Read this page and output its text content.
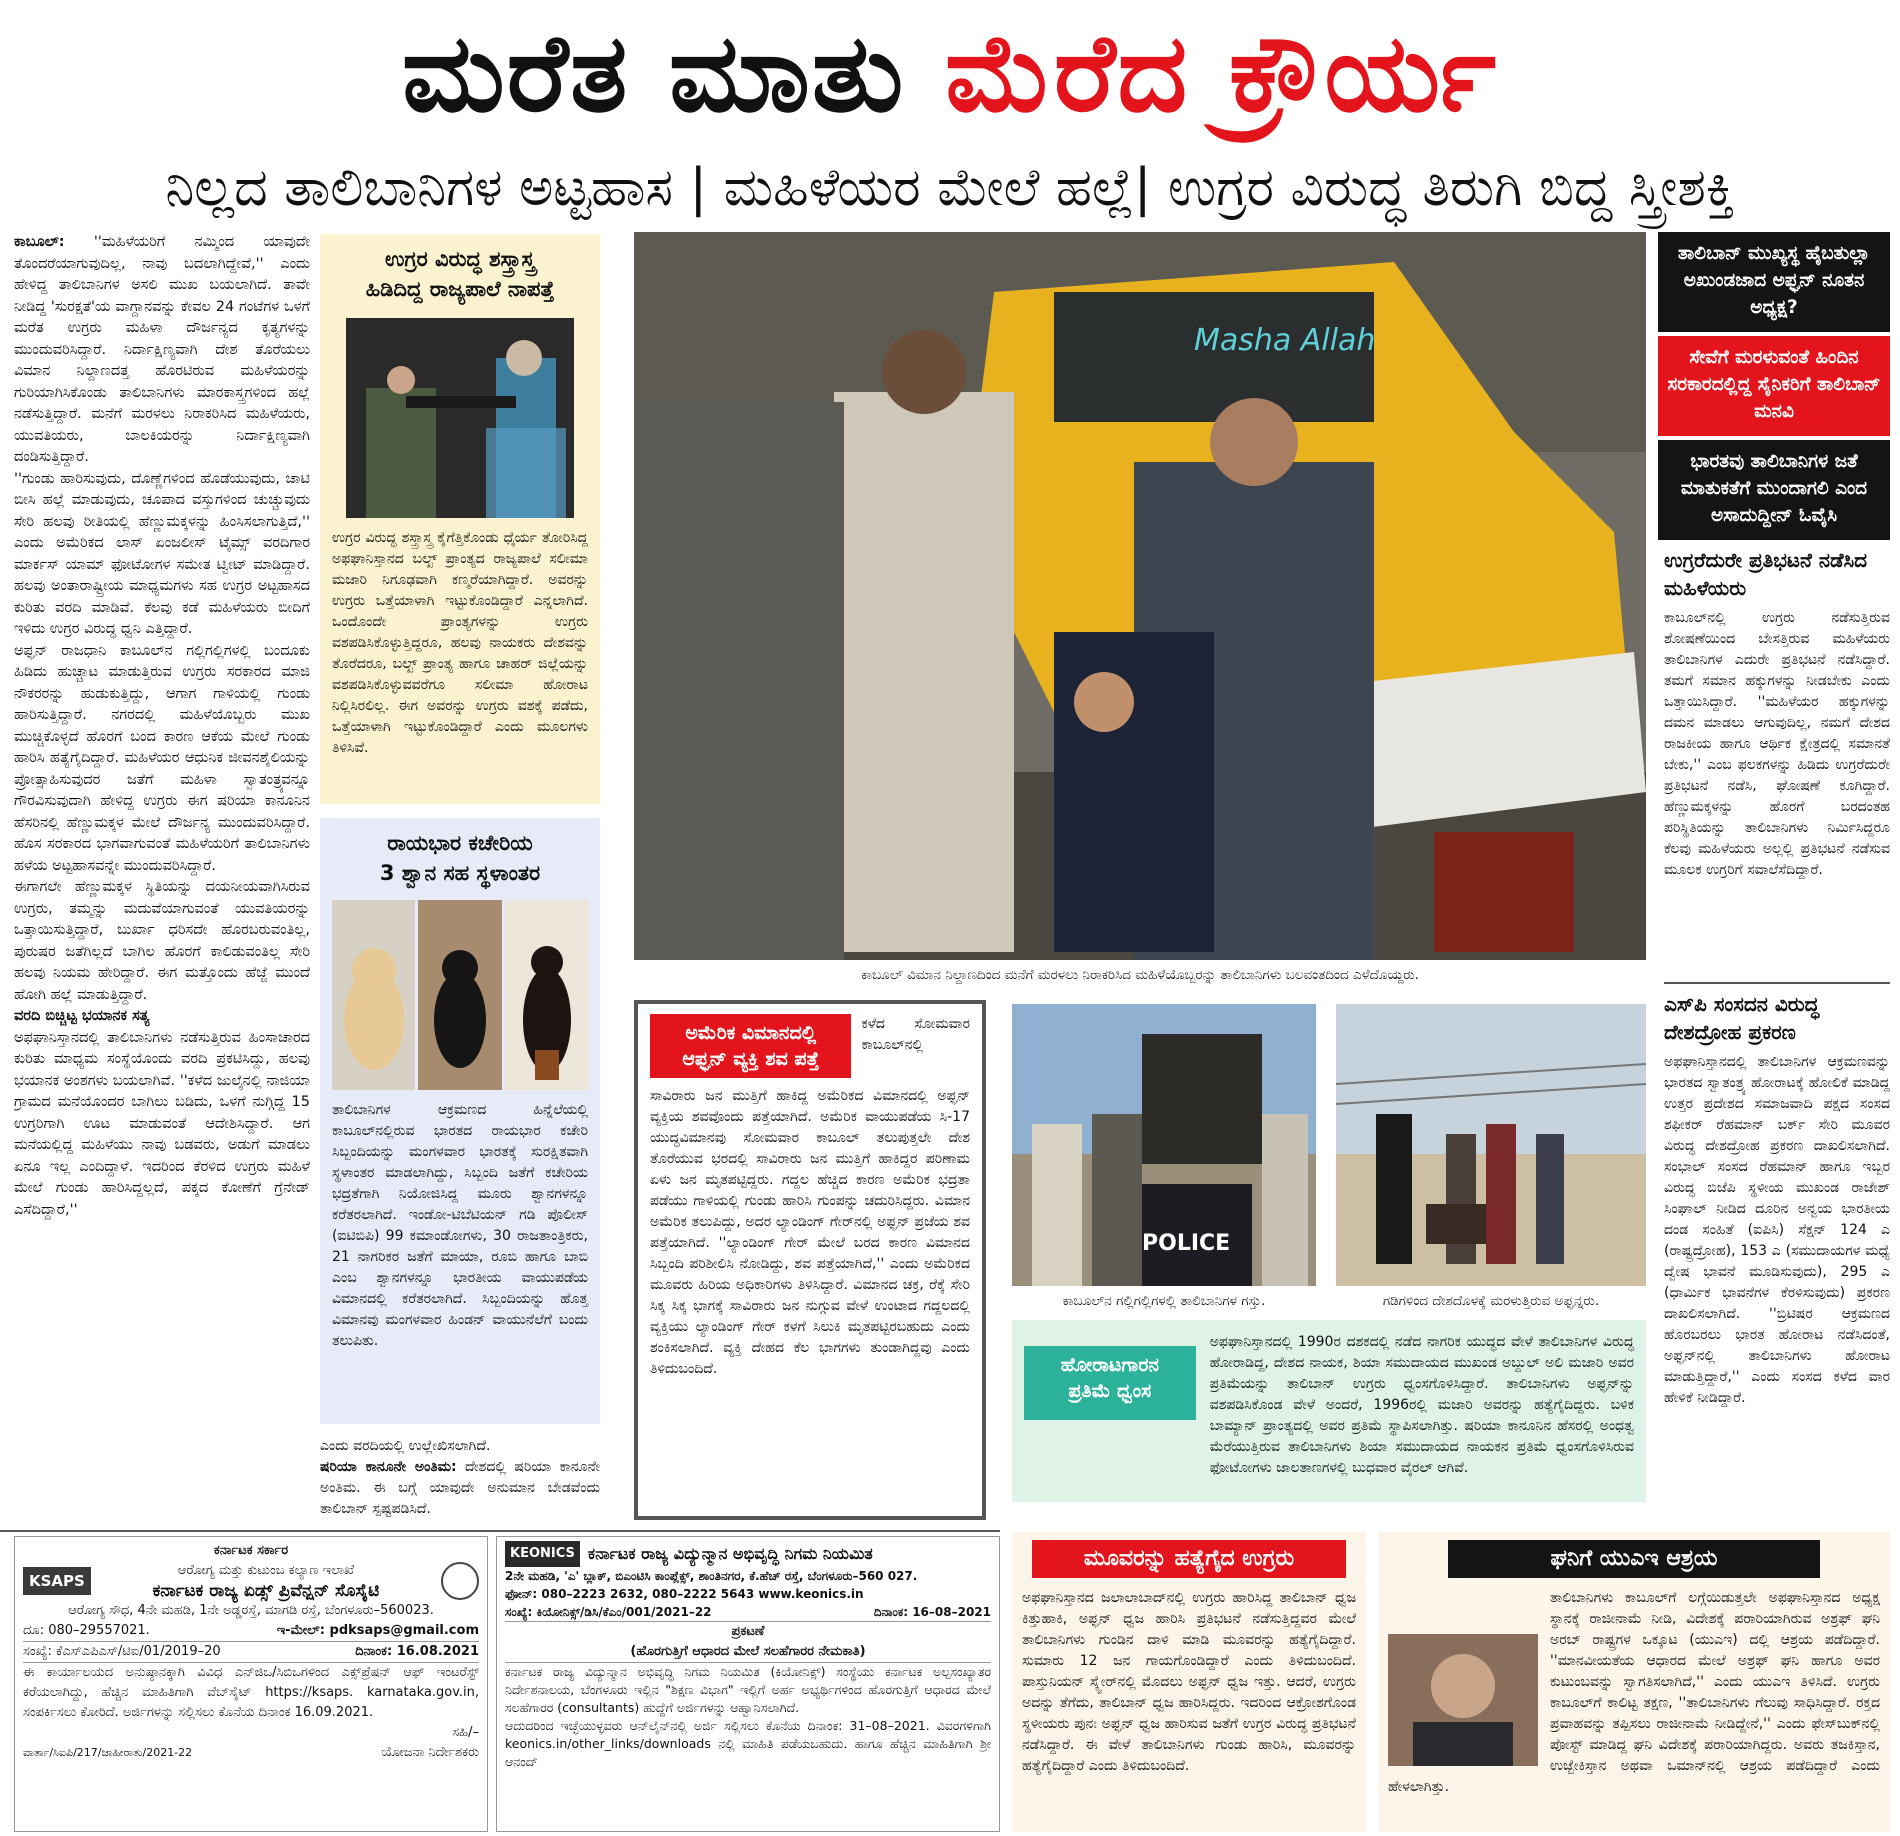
ಮರೆತ ಮಾತು ಮೆರೆದ ಕ್ರೌರ್ಯ
ನಿಲ್ಲದ ತಾಲಿಬಾನಿಗಳ ಅಟ್ಟಹಾಸ | ಮಹಿಳೆಯರ ಮೇಲೆ ಹಲ್ಲೆ| ಉಗ್ರರ ವಿರುದ್ಧ ತಿರುಗಿ ಬಿದ್ದ ಸ್ತ್ರೀಶಕ್ತಿ

ಕಾಬೂಲ್: ''ಮಹಿಳೆಯರಿಗೆ ನಮ್ಮಿಂದ ಯಾವುದೇ ತೊಂದರೆಯಾಗುವುದಿಲ್ಲ, ನಾವು ಬದಲಾಗಿದ್ದೇವೆ,'' ಎಂದು ಹೇಳಿದ್ದ ತಾಲಿಬಾನಿಗಳ ಅಸಲಿ ಮುಖ ಬಯಲಾಗಿದೆ. ತಾವೇ ನೀಡಿದ್ದ 'ಸುರಕ್ಷತೆ'ಯ ವಾಗ್ದಾನವನ್ನು ಕೇವಲ 24 ಗಂಟೆಗಳ ಒಳಗೆ ಮರೆತ ಉಗ್ರರು ಮಹಿಳಾ ದೌರ್ಜನ್ಯದ ಕೃತ್ಯಗಳನ್ನು ಮುಂದುವರಿಸಿದ್ದಾರೆ. ನಿರ್ದಾಕ್ಷಿಣ್ಯವಾಗಿ ದೇಶ ತೊರೆಯಲು ವಿಮಾನ ನಿಲ್ದಾಣದತ್ತ ಹೊರಟಿರುವ ಮಹಿಳೆಯರನ್ನು ಗುರಿಯಾಗಿಸಿಕೊಂಡು ತಾಲಿಬಾನಿಗಳು ಮಾರಕಾಸ್ತ್ರಗಳಿಂದ ಹಲ್ಲೆ ನಡೆಸುತ್ತಿದ್ದಾರೆ. ಮನೆಗೆ ಮರಳಲು ನಿರಾಕರಿಸಿದ ಮಹಿಳೆಯರು, ಯುವತಿಯರು, ಬಾಲಕಿಯರನ್ನು ನಿರ್ದಾಕ್ಷಿಣ್ಯವಾಗಿ ದಂಡಿಸುತ್ತಿದ್ದಾರೆ.

''ಗುಂಡು ಹಾರಿಸುವುದು, ದೊಣ್ಣೆಗಳಿಂದ ಹೊಡೆಯುವುದು, ಚಾಟಿ ಬೀಸಿ ಹಲ್ಲೆ ಮಾಡುವುದು, ಚೂಪಾದ ವಸ್ತುಗಳಿಂದ ಚುಚ್ಚುವುದು ಸೇರಿ ಹಲವು ರೀತಿಯಲ್ಲಿ ಹೆಣ್ಣುಮಕ್ಕಳನ್ನು ಹಿಂಸಿಸಲಾಗುತ್ತಿದೆ,'' ಎಂದು ಅಮೆರಿಕದ ಲಾಸ್ ಏಂಜಲೀಸ್ ಟೈಮ್ಸ್ ವರದಿಗಾರ ಮಾರ್ಕಸ್ ಯಾಮ್ ಫೋಟೋಗಳ ಸಮೇತ ಟ್ವೀಟ್ ಮಾಡಿದ್ದಾರೆ. ಹಲವು ಅಂತಾರಾಷ್ಟ್ರೀಯ ಮಾಧ್ಯಮಗಳು ಸಹ ಉಗ್ರರ ಅಟ್ಟಹಾಸದ ಕುರಿತು ವರದಿ ಮಾಡಿವೆ. ಕೆಲವು ಕಡೆ ಮಹಿಳೆಯರು ಬೀದಿಗೆ ಇಳಿದು ಉಗ್ರರ ವಿರುದ್ಧ ಧ್ವನಿ ಎತ್ತಿದ್ದಾರೆ.

ಅಫ್ಘನ್ ರಾಜಧಾನಿ ಕಾಬೂಲ್‌ನ ಗಲ್ಲಿಗಲ್ಲಿಗಳಲ್ಲಿ ಬಂದೂಕು ಹಿಡಿದು ಹುಚ್ಚಾಟ ಮಾಡುತ್ತಿರುವ ಉಗ್ರರು ಸರಕಾರದ ಮಾಜಿ ನೌಕರರನ್ನು ಹುಡುಕುತ್ತಿದ್ದು, ಆಗಾಗ ಗಾಳಿಯಲ್ಲಿ ಗುಂಡು ಹಾರಿಸುತ್ತಿದ್ದಾರೆ. ನಗರದಲ್ಲಿ ಮಹಿಳೆಯೊಬ್ಬರು ಮುಖ ಮುಚ್ಚಿಕೊಳ್ಳದೆ ಹೊರಗೆ ಬಂದ ಕಾರಣ ಆಕೆಯ ಮೇಲೆ ಗುಂಡು ಹಾರಿಸಿ ಹತ್ಯೆಗೈದಿದ್ದಾರೆ. ಮಹಿಳೆಯರ ಆಧುನಿಕ ಜೀವನಶೈಲಿಯನ್ನು ಪ್ರೋತ್ಸಾಹಿಸುವುದರ ಜತೆಗೆ ಮಹಿಳಾ ಸ್ವಾತಂತ್ರ್ಯವನ್ನೂ ಗೌರವಿಸುವುದಾಗಿ ಹೇಳಿದ್ದ ಉಗ್ರರು ಈಗ ಷರಿಯಾ ಕಾನೂನಿನ ಹೆಸರಿನಲ್ಲಿ ಹೆಣ್ಣುಮಕ್ಕಳ ಮೇಲೆ ದೌರ್ಜನ್ಯ ಮುಂದುವರಿಸಿದ್ದಾರೆ. ಹೊಸ ಸರಕಾರದ ಭಾಗವಾಗುವಂತೆ ಮಹಿಳೆಯರಿಗೆ ತಾಲಿಬಾನಿಗಳು ಹಳೆಯ ಅಟ್ಟಹಾಸವನ್ನೇ ಮುಂದುವರಿಸಿದ್ದಾರೆ.

ಈಗಾಗಲೇ ಹೆಣ್ಣುಮಕ್ಕಳ ಸ್ಥಿತಿಯನ್ನು ದಯನೀಯವಾಗಿಸಿರುವ ಉಗ್ರರು, ತಮ್ಮನ್ನು ಮದುವೆಯಾಗುವಂತೆ ಯುವತಿಯರನ್ನು ಒತ್ತಾಯಿಸುತ್ತಿದ್ದಾರೆ, ಬುರ್ಖಾ ಧರಿಸದೇ ಹೊರಬರುವಂತಿಲ್ಲ, ಪುರುಷರ ಜತೆಗಿಲ್ಲದೆ ಬಾಗಿಲ ಹೊರಗೆ ಕಾಲಿಡುವಂತಿಲ್ಲ ಸೇರಿ ಹಲವು ನಿಯಮ ಹೇರಿದ್ದಾರೆ. ಈಗ ಮತ್ತೊಂದು ಹೆಜ್ಜೆ ಮುಂದೆ ಹೋಗಿ ಹಲ್ಲೆ ಮಾಡುತ್ತಿದ್ದಾರೆ.

ವರದಿ ಬಿಚ್ಚಿಟ್ಟ ಭಯಾನಕ ಸತ್ಯ

ಅಫಘಾನಿಸ್ತಾನದಲ್ಲಿ ತಾಲಿಬಾನಿಗಳು ನಡೆಸುತ್ತಿರುವ ಹಿಂಸಾಚಾರದ ಕುರಿತು ಮಾಧ್ಯಮ ಸಂಸ್ಥೆಯೊಂದು ವರದಿ ಪ್ರಕಟಿಸಿದ್ದು, ಹಲವು ಭಯಾನಕ ಅಂಶಗಳು ಬಯಲಾಗಿವೆ. ''ಕಳೆದ ಜುಲೈನಲ್ಲಿ ನಾಜಿಯಾ ಗ್ರಾಮದ ಮನೆಯೊಂದರ ಬಾಗಿಲು ಬಡಿದು, ಒಳಗೆ ನುಗ್ಗಿದ್ದ 15 ಉಗ್ರರಿಗಾಗಿ ಊಟ ಮಾಡುವಂತೆ ಆದೇಶಿಸಿದ್ದಾರೆ. ಆಗ ಮನೆಯಲ್ಲಿದ್ದ ಮಹಿಳೆಯು ನಾವು ಬಡವರು, ಅಡುಗೆ ಮಾಡಲು ಏನೂ ಇಲ್ಲ ಎಂದಿದ್ದಾಳೆ. ಇದರಿಂದ ಕೆರಳಿದ ಉಗ್ರರು ಮಹಿಳೆ ಮೇಲೆ ಗುಂಡು ಹಾರಿಸಿದ್ದಲ್ಲದೆ, ಪಕ್ಕದ ಕೋಣೆಗೆ ಗ್ರೆನೇಡ್ ಎಸೆದಿದ್ದಾರೆ,''

ಉಗ್ರರ ವಿರುದ್ಧ ಶಸ್ತ್ರಾಸ್ತ್ರ
ಹಿಡಿದಿದ್ದ ರಾಜ್ಯಪಾಲೆ ನಾಪತ್ತೆ
ಉಗ್ರರ ವಿರುದ್ಧ ಶಸ್ತ್ರಾಸ್ತ್ರ ಕೈಗೆತ್ತಿಕೊಂಡು ಧೈರ್ಯ ತೋರಿಸಿದ್ದ ಅಫಘಾನಿಸ್ತಾನದ ಬಲ್ಖ್ ಪ್ರಾಂತ್ಯದ ರಾಜ್ಯಪಾಲೆ ಸಲೀಮಾ ಮಜಾರಿ ನಿಗೂಢವಾಗಿ ಕಣ್ಮರೆಯಾಗಿದ್ದಾರೆ. ಅವರನ್ನು ಉಗ್ರರು ಒತ್ತೆಯಾಳಾಗಿ ಇಟ್ಟುಕೊಂಡಿದ್ದಾರೆ ಎನ್ನಲಾಗಿದೆ. ಒಂದೊಂದೇ ಪ್ರಾಂತ್ಯಗಳನ್ನು ಉಗ್ರರು ವಶಪಡಿಸಿಕೊಳ್ಳುತ್ತಿದ್ದರೂ, ಹಲವು ನಾಯಕರು ದೇಶವನ್ನು ತೊರೆದರೂ, ಬಲ್ಖ್ ಪ್ರಾಂತ್ಯ ಹಾಗೂ ಚಾಹರ್ ಜಿಲ್ಲೆಯನ್ನು ವಶಪಡಿಸಿಕೊಳ್ಳುವವರೆಗೂ ಸಲೀಮಾ ಹೋರಾಟ ನಿಲ್ಲಿಸಿರಲಿಲ್ಲ. ಈಗ ಅವರನ್ನು ಉಗ್ರರು ವಶಕ್ಕೆ ಪಡೆದು, ಒತ್ತೆಯಾಳಾಗಿ ಇಟ್ಟುಕೊಂಡಿದ್ದಾರೆ ಎಂದು ಮೂಲಗಳು ತಿಳಿಸಿವೆ.
ರಾಯಭಾರ ಕಚೇರಿಯ
3 ಶ್ವಾನ ಸಹ ಸ್ಥಳಾಂತರ
ತಾಲಿಬಾನಿಗಳ ಆಕ್ರಮಣದ ಹಿನ್ನೆಲೆಯಲ್ಲಿ ಕಾಬೂಲ್‌ನಲ್ಲಿರುವ ಭಾರತದ ರಾಯಭಾರ ಕಚೇರಿ ಸಿಬ್ಬಂದಿಯನ್ನು ಮಂಗಳವಾರ ಭಾರತಕ್ಕೆ ಸುರಕ್ಷಿತವಾಗಿ ಸ್ಥಳಾಂತರ ಮಾಡಲಾಗಿದ್ದು, ಸಿಬ್ಬಂದಿ ಜತೆಗೆ ಕಚೇರಿಯ ಭದ್ರತೆಗಾಗಿ ನಿಯೋಜಿಸಿದ್ದ ಮೂರು ಶ್ವಾನಗಳನ್ನೂ ಕರೆತರಲಾಗಿದೆ. ಇಂಡೋ-ಟಿಬೆಟಿಯನ್ ಗಡಿ ಪೊಲೀಸ್ (ಐಟಿಬಿಪಿ) 99 ಕಮಾಂಡೋಗಳು, 30 ರಾಜತಾಂತ್ರಿಕರು, 21 ನಾಗರಿಕರ ಜತೆಗೆ ಮಾಯಾ, ರೂಬಿ ಹಾಗೂ ಬಾಬಿ ಎಂಬ ಶ್ವಾನಗಳನ್ನೂ ಭಾರತೀಯ ವಾಯುಪಡೆಯ ವಿಮಾನದಲ್ಲಿ ಕರೆತರಲಾಗಿದೆ. ಸಿಬ್ಬಂದಿಯನ್ನು ಹೊತ್ತ ವಿಮಾನವು ಮಂಗಳವಾರ ಹಿಂಡನ್ ವಾಯುನೆಲೆಗೆ ಬಂದು ತಲುಪಿತು.
ಎಂದು ವರದಿಯಲ್ಲಿ ಉಲ್ಲೇಖಿಸಲಾಗಿದೆ.
ಷರಿಯಾ ಕಾನೂನೇ ಅಂತಿಮ: ದೇಶದಲ್ಲಿ ಷರಿಯಾ ಕಾನೂನೇ ಅಂತಿಮ. ಈ ಬಗ್ಗೆ ಯಾವುದೇ ಅನುಮಾನ ಬೇಡವೆಂದು ತಾಲಿಬಾನ್ ಸ್ಪಷ್ಟಪಡಿಸಿದೆ.
Masha Allah
ಕಾಬೂಲ್ ವಿಮಾನ ನಿಲ್ದಾಣದಿಂದ ಮನೆಗೆ ಮರಳಲು ನಿರಾಕರಿಸಿದ ಮಹಿಳೆಯೊಬ್ಬರನ್ನು ತಾಲಿಬಾನಿಗಳು ಬಲವಂತದಿಂದ ಎಳೆದೊಯ್ದರು.
ಅಮೆರಿಕ ವಿಮಾನದಲ್ಲಿ
ಆಫ್ಘನ್ ವ್ಯಕ್ತಿ ಶವ ಪತ್ತೆ
ಕಳೆದ ಸೋಮವಾರ ಕಾಬೂಲ್‌ನಲ್ಲಿ
ಸಾವಿರಾರು ಜನ ಮುತ್ತಿಗೆ ಹಾಕಿದ್ದ ಅಮೆರಿಕದ ವಿಮಾನದಲ್ಲಿ ಅಫ್ಘನ್ ವ್ಯಕ್ತಿಯ ಶವವೊಂದು ಪತ್ತೆಯಾಗಿದೆ. ಅಮೆರಿಕ ವಾಯುಪಡೆಯ ಸಿ-17 ಯುದ್ಧವಿಮಾನವು ಸೋಮವಾರ ಕಾಬೂಲ್ ತಲುಪುತ್ತಲೇ ದೇಶ ತೊರೆಯುವ ಭರದಲ್ಲಿ ಸಾವಿರಾರು ಜನ ಮುತ್ತಿಗೆ ಹಾಕಿದ್ದರ ಪರಿಣಾಮ ಏಳು ಜನ ಮೃತಪಟ್ಟಿದ್ದರು. ಗದ್ದಲ ಹೆಚ್ಚಿದ ಕಾರಣ ಅಮೆರಿಕ ಭದ್ರತಾ ಪಡೆಯು ಗಾಳಿಯಲ್ಲಿ ಗುಂಡು ಹಾರಿಸಿ ಗುಂಪನ್ನು ಚದುರಿಸಿದ್ದರು. ವಿಮಾನ ಅಮೆರಿಕ ತಲುಪಿದ್ದು, ಅದರ ಲ್ಯಾಂಡಿಂಗ್ ಗೇರ್‌ನಲ್ಲಿ ಅಫ್ಘನ್ ಪ್ರಜೆಯ ಶವ ಪತ್ತೆಯಾಗಿದೆ. ''ಲ್ಯಾಂಡಿಂಗ್ ಗೇರ್ ಮೇಲೆ ಬರದ ಕಾರಣ ವಿಮಾನದ ಸಿಬ್ಬಂದಿ ಪರಿಶೀಲಿಸಿ ನೋಡಿದ್ದು, ಶವ ಪತ್ತೆಯಾಗಿದೆ,'' ಎಂದು ಅಮೆರಿಕದ ಮೂವರು ಹಿರಿಯ ಅಧಿಕಾರಿಗಳು ತಿಳಿಸಿದ್ದಾರೆ. ವಿಮಾನದ ಚಕ್ರ, ರೆಕ್ಕೆ ಸೇರಿ ಸಿಕ್ಕ ಸಿಕ್ಕ ಭಾಗಕ್ಕೆ ಸಾವಿರಾರು ಜನ ನುಗ್ಗುವ ವೇಳೆ ಉಂಟಾದ ಗದ್ದಲದಲ್ಲಿ ವ್ಯಕ್ತಿಯು ಲ್ಯಾಂಡಿಂಗ್ ಗೇರ್ ಕಳಗೆ ಸಿಲುಕಿ ಮೃತಪಟ್ಟಿರಬಹುದು ಎಂದು ಶಂಕಿಸಲಾಗಿದೆ. ವ್ಯಕ್ತಿ ದೇಹದ ಕೆಲ ಭಾಗಗಳು ತುಂಡಾಗಿದ್ದವು ಎಂದು ತಿಳಿದುಬಂದಿದೆ.
POLICE
ಕಾಬೂಲ್‌ನ ಗಲ್ಲಿಗಲ್ಲಿಗಳಲ್ಲಿ ತಾಲಿಬಾನಿಗಳ ಗಸ್ತು.	ಗಡಿಗಳಿಂದ ದೇಶದೊಳಕ್ಕೆ ಮರಳುತ್ತಿರುವ ಅಫ್ಘನ್ನರು.
ಹೋರಾಟಗಾರನ
ಪ್ರತಿಮೆ ಧ್ವಂಸ
ಅಫಘಾನಿಸ್ತಾನದಲ್ಲಿ 1990ರ ದಶಕದಲ್ಲಿ ನಡೆದ ನಾಗರಿಕ ಯುದ್ಧದ ವೇಳೆ ತಾಲಿಬಾನಿಗಳ ವಿರುದ್ಧ ಹೋರಾಡಿದ್ದ, ದೇಶದ ನಾಯಕ, ಶಿಯಾ ಸಮುದಾಯದ ಮುಖಂಡ ಅಬ್ದುಲ್ ಅಲಿ ಮಜಾರಿ ಅವರ ಪ್ರತಿಮೆಯನ್ನು ತಾಲಿಬಾನ್ ಉಗ್ರರು ಧ್ವಂಸಗೊಳಿಸಿದ್ದಾರೆ. ತಾಲಿಬಾನಿಗಳು ಅಫ್ಘನ್‌ನ್ನು ವಶಪಡಿಸಿಕೊಂಡ ವೇಳೆ ಅಂದರೆ, 1996ರಲ್ಲಿ ಮಜಾರಿ ಅವರನ್ನು ಹತ್ಯೆಗೈದಿದ್ದರು. ಬಳಿಕ ಬಾಮ್ಯಾನ್ ಪ್ರಾಂತ್ಯದಲ್ಲಿ ಅವರ ಪ್ರತಿಮೆ ಸ್ಥಾಪಿಸಲಾಗಿತ್ತು. ಷರಿಯಾ ಕಾನೂನಿನ ಹೆಸರಲ್ಲಿ ಅಂಧತ್ವ ಮೆರೆಯುತ್ತಿರುವ ತಾಲಿಬಾನಿಗಳು ಶಿಯಾ ಸಮುದಾಯದ ನಾಯಕನ ಪ್ರತಿಮೆ ಧ್ವಂಸಗೊಳಿಸಿರುವ ಫೋಟೋಗಳು ಜಾಲತಾಣಗಳಲ್ಲಿ ಬುಧವಾರ ವೈರಲ್ ಆಗಿವೆ.
ತಾಲಿಬಾನ್ ಮುಖ್ಯಸ್ಥ ಹೈಬತುಲ್ಲಾ ಅಖುಂಡಜಾದ ಅಫ್ಘನ್ ನೂತನ ಅಧ್ಯಕ್ಷ?
ಸೇವೆಗೆ ಮರಳುವಂತೆ ಹಿಂದಿನ ಸರಕಾರದಲ್ಲಿದ್ದ ಸೈನಿಕರಿಗೆ ತಾಲಿಬಾನ್ ಮನವಿ
ಭಾರತವು ತಾಲಿಬಾನಿಗಳ ಜತೆ ಮಾತುಕತೆಗೆ ಮುಂದಾಗಲಿ ಎಂದ ಅಸಾದುದ್ದೀನ್ ಓವೈಸಿ
ಉಗ್ರರೆದುರೇ ಪ್ರತಿಭಟನೆ ನಡೆಸಿದ ಮಹಿಳೆಯರು
ಕಾಬೂಲ್‌ನಲ್ಲಿ ಉಗ್ರರು ನಡೆಸುತ್ತಿರುವ ಶೋಷಣೆಯಿಂದ ಬೇಸತ್ತಿರುವ ಮಹಿಳೆಯರು ತಾಲಿಬಾನಿಗಳ ಎದುರೇ ಪ್ರತಿಭಟನೆ ನಡೆಸಿದ್ದಾರೆ. ತಮಗೆ ಸಮಾನ ಹಕ್ಕುಗಳನ್ನು ನೀಡಬೇಕು ಎಂದು ಒತ್ತಾಯಿಸಿದ್ದಾರೆ. ''ಮಹಿಳೆಯರ ಹಕ್ಕುಗಳನ್ನು ದಮನ ಮಾಡಲು ಆಗುವುದಿಲ್ಲ, ನಮಗೆ ದೇಶದ ರಾಜಕೀಯ ಹಾಗೂ ಆರ್ಥಿಕ ಕ್ಷೇತ್ರದಲ್ಲಿ ಸಮಾನತೆ ಬೇಕು,'' ಎಂಬ ಫಲಕಗಳನ್ನು ಹಿಡಿದು ಉಗ್ರರೆದುರೇ ಪ್ರತಿಭಟನೆ ನಡೆಸಿ, ಘೋಷಣೆ ಕೂಗಿದ್ದಾರೆ. ಹೆಣ್ಣುಮಕ್ಕಳನ್ನು ಹೊರಗೆ ಬರದಂತಹ ಪರಿಸ್ಥಿತಿಯನ್ನು ತಾಲಿಬಾನಿಗಳು ನಿರ್ಮಿಸಿದ್ದರೂ ಕೆಲವು ಮಹಿಳೆಯರು ಅಲ್ಲಲ್ಲಿ ಪ್ರತಿಭಟನೆ ನಡೆಸುವ ಮೂಲಕ ಉಗ್ರರಿಗೆ ಸವಾಲೆಸೆದಿದ್ದಾರೆ.
ಎಸ್‌ಪಿ ಸಂಸದನ ವಿರುದ್ಧ ದೇಶದ್ರೋಹ ಪ್ರಕರಣ
ಅಫಘಾನಿಸ್ತಾನದಲ್ಲಿ ತಾಲಿಬಾನಿಗಳ ಆಕ್ರಮಣವನ್ನು ಭಾರತದ ಸ್ವಾತಂತ್ರ್ಯ ಹೋರಾಟಕ್ಕೆ ಹೋಲಿಕೆ ಮಾಡಿದ್ದ ಉತ್ತರ ಪ್ರದೇಶದ ಸಮಾಜವಾದಿ ಪಕ್ಷದ ಸಂಸದ ಶಫೀಕರ್ ರೆಹಮಾನ್ ಬರ್ಕ್ ಸೇರಿ ಮೂವರ ವಿರುದ್ಧ ದೇಶದ್ರೋಹ ಪ್ರಕರಣ ದಾಖಲಿಸಲಾಗಿದೆ. ಸಂಭಾಲ್ ಸಂಸದ ರೆಹಮಾನ್ ಹಾಗೂ ಇಬ್ಬರ ವಿರುದ್ಧ ಬಿಜೆಪಿ ಸ್ಥಳೀಯ ಮುಖಂಡ ರಾಜೇಶ್ ಸಿಂಘಾಲ್ ನೀಡಿದ ದೂರಿನ ಅನ್ವಯ ಭಾರತೀಯ ದಂಡ ಸಂಹಿತೆ (ಐಪಿಸಿ) ಸೆಕ್ಷನ್ 124 ಎ (ರಾಷ್ಟ್ರದ್ರೋಹ), 153 ಎ (ಸಮುದಾಯಗಳ ಮಧ್ಯೆ ದ್ವೇಷ ಭಾವನೆ ಮೂಡಿಸುವುದು), 295 ಎ (ಧಾರ್ಮಿಕ ಭಾವನೆಗಳ ಕೆರಳಿಸುವುದು) ಪ್ರಕರಣ ದಾಖಲಿಸಲಾಗಿದೆ. ''ಬ್ರಿಟಿಷರ ಆಕ್ರಮಣದ ಹೊರಬರಲು ಭಾರತ ಹೋರಾಟ ನಡೆಸಿದಂತೆ, ಅಫ್ಘನ್‌ನಲ್ಲಿ ತಾಲಿಬಾನಿಗಳು ಹೋರಾಟ ಮಾಡುತ್ತಿದ್ದಾರೆ,'' ಎಂದು ಸಂಸದ ಕಳೆದ ವಾರ ಹೇಳಿಕೆ ನೀಡಿದ್ದಾರೆ.
ಮೂವರನ್ನು ಹತ್ಯೆಗೈದ ಉಗ್ರರು
ಅಫಘಾನಿಸ್ತಾನದ ಜಲಾಲಾಬಾದ್‌ನಲ್ಲಿ ಉಗ್ರರು ಹಾರಿಸಿದ್ದ ತಾಲಿಬಾನ್ ಧ್ವಜ ಕಿತ್ತುಹಾಕಿ, ಅಫ್ಘನ್ ಧ್ವಜ ಹಾರಿಸಿ ಪ್ರತಿಭಟನೆ ನಡೆಸುತ್ತಿದ್ದವರ ಮೇಲೆ ತಾಲಿಬಾನಿಗಳು ಗುಂಡಿನ ದಾಳಿ ಮಾಡಿ ಮೂವರನ್ನು ಹತ್ಯೆಗೈದಿದ್ದಾರೆ. ಸುಮಾರು 12 ಜನ ಗಾಯಗೊಂಡಿದ್ದಾರೆ ಎಂದು ತಿಳಿದುಬಂದಿದೆ. ಪಾಸ್ತುನಿಯನ್ ಸ್ಕ್ವೇರ್‌ನಲ್ಲಿ ಮೊದಲು ಅಫ್ಘನ್ ಧ್ವಜ ಇತ್ತು. ಆದರೆ, ಉಗ್ರರು ಅದನ್ನು ತೆಗೆದು, ತಾಲಿಬಾನ್ ಧ್ವಜ ಹಾರಿಸಿದ್ದರು. ಇದರಿಂದ ಆಕ್ರೋಶಗೊಂಡ ಸ್ಥಳೀಯರು ಪುನಃ ಅಫ್ಘನ್ ಧ್ವಜ ಹಾರಿಸುವ ಜತೆಗೆ ಉಗ್ರರ ವಿರುದ್ಧ ಪ್ರತಿಭಟನೆ ನಡೆಸಿದ್ದಾರೆ. ಈ ವೇಳೆ ತಾಲಿಬಾನಿಗಳು ಗುಂಡು ಹಾರಿಸಿ, ಮೂವರನ್ನು ಹತ್ಯೆಗೈದಿದ್ದಾರೆ ಎಂದು ತಿಳಿದುಬಂದಿದೆ.
ಘನಿಗೆ ಯುಎಇ ಆಶ್ರಯ
ತಾಲಿಬಾನಿಗಳು ಕಾಬೂಲ್‌ಗೆ ಲಗ್ಗೆಯಿಡುತ್ತಲೇ ಅಫಘಾನಿಸ್ತಾನದ ಅಧ್ಯಕ್ಷ ಸ್ಥಾನಕ್ಕೆ ರಾಜೀನಾಮೆ ನೀಡಿ, ವಿದೇಶಕ್ಕೆ ಪರಾರಿಯಾಗಿರುವ ಅಶ್ರಫ್ ಘನಿ ಅರಬ್ ರಾಷ್ಟ್ರಗಳ ಒಕ್ಕೂಟ (ಯುಎಇ) ದಲ್ಲಿ ಆಶ್ರಯ ಪಡೆದಿದ್ದಾರೆ. ''ಮಾನವೀಯತೆಯ ಆಧಾರದ ಮೇಲೆ ಅಶ್ರಫ್ ಘನಿ ಹಾಗೂ ಅವರ ಕುಟುಂಬವನ್ನು ಸ್ವಾಗತಿಸಲಾಗಿದೆ,'' ಎಂದು ಯುಎಇ ತಿಳಿಸಿದೆ. ಉಗ್ರರು ಕಾಬೂಲ್‌ಗೆ ಕಾಲಿಟ್ಟ ತಕ್ಷಣ, ''ತಾಲಿಬಾನಿಗಳು ಗೆಲುವು ಸಾಧಿಸಿದ್ದಾರೆ. ರಕ್ತದ ಪ್ರವಾಹವನ್ನು ತಪ್ಪಿಸಲು ರಾಜೀನಾಮೆ ನೀಡಿದ್ದೇನೆ,'' ಎಂದು ಫೇಸ್‌ಬುಕ್‌ನಲ್ಲಿ ಪೋಸ್ಟ್ ಮಾಡಿದ್ದ ಘನಿ ವಿದೇಶಕ್ಕೆ ಪರಾರಿಯಾಗಿದ್ದರು. ಅವರು ತಜಕಿಸ್ತಾನ, ಉಜ್ಬೇಕಿಸ್ತಾನ ಅಥವಾ ಒಮಾನ್‌ನಲ್ಲಿ ಆಶ್ರಯ ಪಡೆದಿದ್ದಾರೆ ಎಂದು ಹೇಳಲಾಗಿತ್ತು.
ಕರ್ನಾಟಕ ಸರ್ಕಾರ
KSAPS
ಆರೋಗ್ಯ ಮತ್ತು ಕುಟುಂಬ ಕಲ್ಯಾಣ ಇಲಾಖೆ
ಕರ್ನಾಟಕ ರಾಜ್ಯ ಏಡ್ಸ್ ಪ್ರಿವೆನ್ಷನ್ ಸೊಸೈಟಿ
ಆರೋಗ್ಯ ಸೌಧ, 4ನೇ ಮಹಡಿ, 1ನೇ ಅಡ್ಡರಸ್ತೆ, ಮಾಗಡಿ ರಸ್ತೆ, ಬೆಂಗಳೂರು–560023.
ದೂ: 080–29557021.	ಇ-ಮೇಲ್: pdksaps@gmail.com
ಸಂಖ್ಯೆ: ಕೆಎಸ್‌ಎಪಿಎಸ್/ಟಿಐ/01/2019–20	ದಿನಾಂಕ: 16.08.2021
ಈ ಕಾರ್ಯಾಲಯದ ಅನುಷ್ಠಾನಕ್ಕಾಗಿ ವಿವಿಧ ಎನ್‌ಜಿಒ/ಸಿಬಿಒಗಳಿಂದ ಎಕ್ಸ್‌ಪ್ರೆಷನ್ ಆಫ್ ಇಂಟರೆಸ್ಟ್ ಕರೆಯಲಾಗಿದ್ದು, ಹೆಚ್ಚಿನ ಮಾಹಿತಿಗಾಗಿ ವೆಬ್‌ಸೈಟ್ https://ksaps. karnataka.gov.in, ಸಂಪರ್ಕಿಸಲು ಕೋರಿದೆ. ಅರ್ಜಿಗಳನ್ನು ಸಲ್ಲಿಸಲು ಕೊನೆಯ ದಿನಾಂಕ 16.09.2021.
ಸಹಿ/–
ವಾರ್ತಾ/ಸಿಐಪಿ/217/ಜಾಹೀರಾತು/2021-22	ಯೋಜನಾ ನಿರ್ದೇಶಕರು
KEONICS ಕರ್ನಾಟಕ ರಾಜ್ಯ ವಿದ್ಯುನ್ಮಾನ ಅಭಿವೃದ್ಧಿ ನಿಗಮ ನಿಯಮಿತ
2ನೇ ಮಹಡಿ, 'ಎ' ಬ್ಲಾಕ್, ಬಿಎಂಟಿಸಿ ಕಾಂಪ್ಲೆಕ್ಸ್, ಶಾಂತಿನಗರ, ಕೆ.ಹೆಚ್ ರಸ್ತೆ, ಬೆಂಗಳೂರು–560 027.
ಫೋನ್: 080–2223 2632, 080–2222 5643 www.keonics.in
ಸಂಖ್ಯೆ: ಕಿಯೋನಿಕ್ಸ್/ಡಿಸಿ/ಕೆಎಂ/001/2021–22	ದಿನಾಂಕ: 16–08–2021
ಪ್ರಕಟಣೆ
(ಹೊರಗುತ್ತಿಗೆ ಆಧಾರದ ಮೇಲೆ ಸಲಹೆಗಾರರ ನೇಮಕಾತಿ)
ಕರ್ನಾಟಕ ರಾಜ್ಯ ವಿದ್ಯುನ್ಮಾನ ಅಭಿವೃದ್ಧಿ ನಿಗಮ ನಿಯಮಿತ (ಕಿಯೋನಿಕ್ಸ್) ಸಂಸ್ಥೆಯು ಕರ್ನಾಟಕ ಅಲ್ಪಸಂಖ್ಯಾತರ ನಿರ್ದೇಶನಾಲಯ, ಬೆಂಗಳೂರು ಇಲ್ಲಿನ "ಶಿಕ್ಷಣ ವಿಭಾಗ" ಇಲ್ಲಿಗೆ ಅರ್ಹ ಅಭ್ಯರ್ಥಿಗಳಿಂದ ಹೊರಗುತ್ತಿಗೆ ಆಧಾರದ ಮೇಲೆ ಸಲಹೆಗಾರರ (consultants) ಹುದ್ದೆಗೆ ಅರ್ಜಿಗಳನ್ನು ಆಹ್ವಾನಿಸಲಾಗಿದೆ.
ಆದುದರಿಂದ ಇಚ್ಛೆಯುಳ್ಳವರು ಆನ್‌ಲೈನ್‌ನಲ್ಲಿ ಅರ್ಜಿ ಸಲ್ಲಿಸಲು ಕೊನೆಯ ದಿನಾಂಕ: 31–08–2021. ವಿವರಗಳಿಗಾಗಿ keonics.in/other_links/downloads ನಲ್ಲಿ ಮಾಹಿತಿ ಪಡೆಯಬಹುದು. ಹಾಗೂ ಹೆಚ್ಚಿನ ಮಾಹಿತಿಗಾಗಿ ಶ್ರೀ ಆನಂದ್
